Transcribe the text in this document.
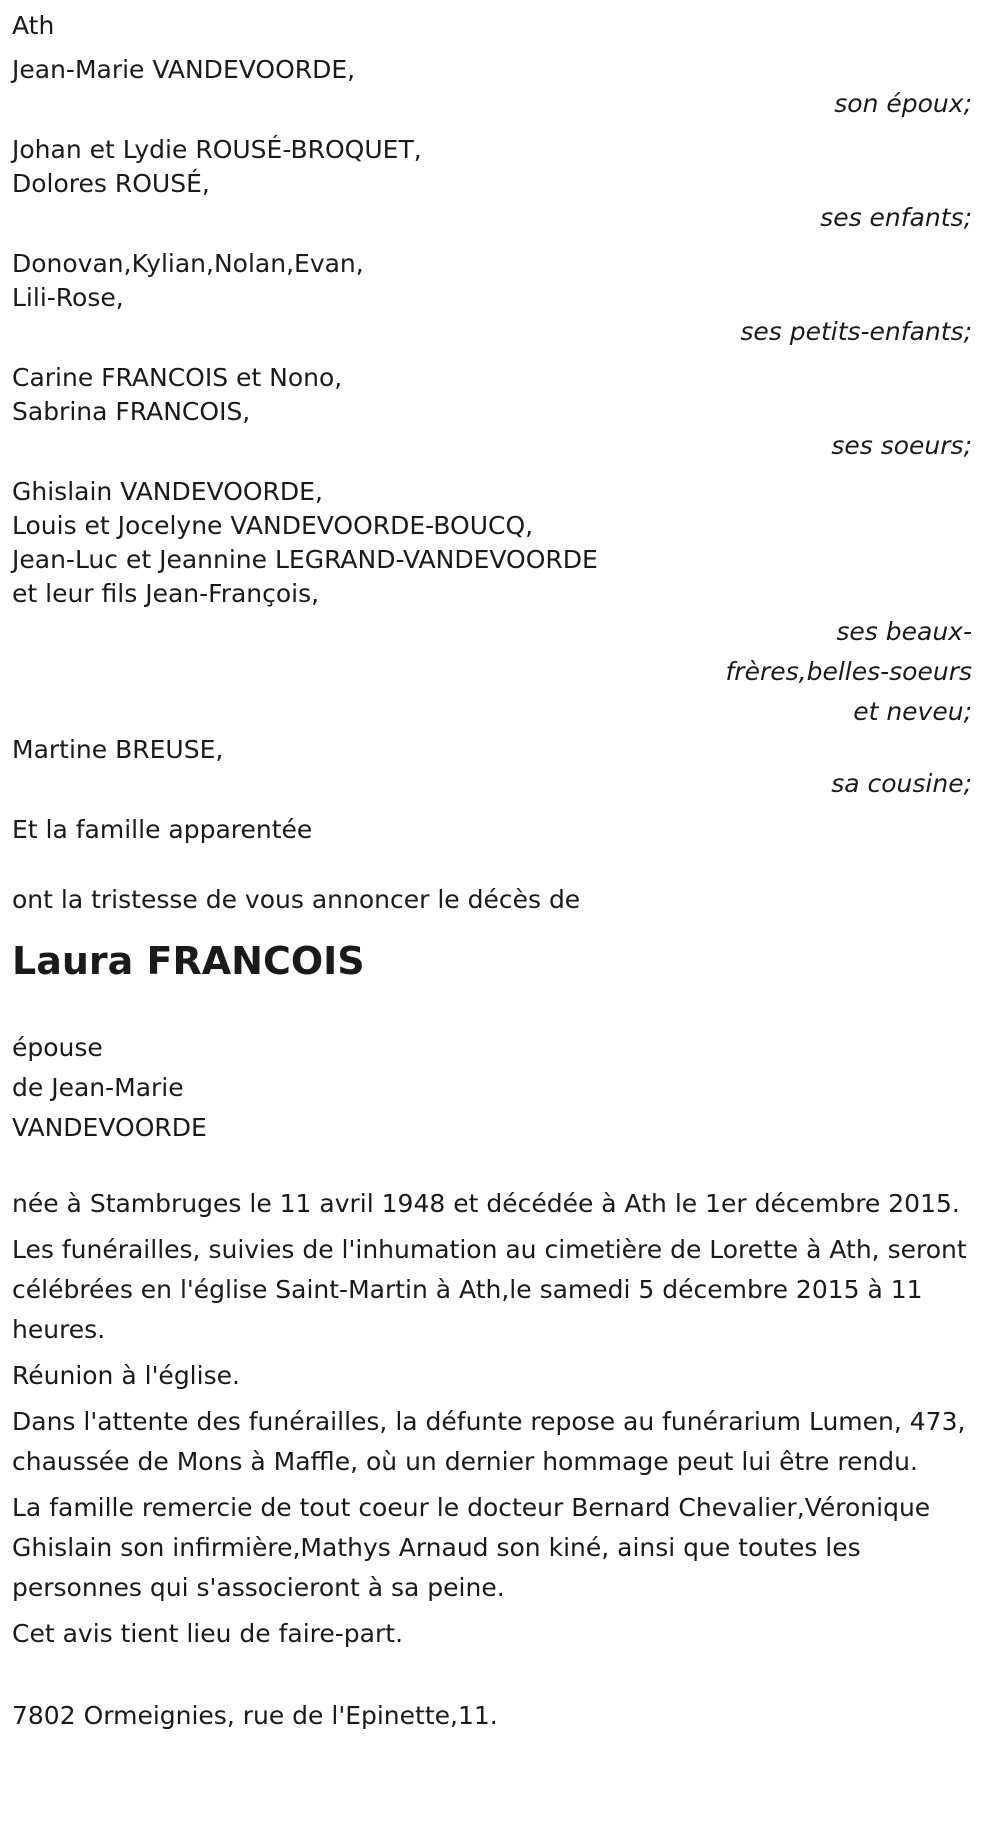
Ath
Jean-Marie VANDEVOORDE,
son époux;
Johan et Lydie ROUSÉ-BROQUET,
Dolores ROUSÉ,
ses enfants;
Donovan,Kylian,Nolan,Evan,
Lili-Rose,
ses petits-enfants;
Carine FRANCOIS et Nono,
Sabrina FRANCOIS,
ses soeurs;
Ghislain VANDEVOORDE,
Louis et Jocelyne VANDEVOORDE-BOUCQ,
Jean-Luc et Jeannine LEGRAND-VANDEVOORDE
et leur fils Jean-François,
ses beaux-
frères,belles-soeurs
et neveu;
Martine BREUSE,
sa cousine;
Et la famille apparentée
ont la tristesse de vous annoncer le décès de
Laura FRANCOIS
épouse
de Jean-Marie
VANDEVOORDE
née à Stambruges le 11 avril 1948 et décédée à Ath le 1er décembre 2015.
Les funérailles, suivies de l'inhumation au cimetière de Lorette à Ath, seront célébrées en l'église Saint-Martin à Ath,le samedi 5 décembre 2015 à 11 heures.
Réunion à l'église.
Dans l'attente des funérailles, la défunte repose au funérarium Lumen, 473, chaussée de Mons à Maffle, où un dernier hommage peut lui être rendu.
La famille remercie de tout coeur le docteur Bernard Chevalier,Véronique Ghislain son infirmière,Mathys Arnaud son kiné, ainsi que toutes les personnes qui s'associeront à sa peine.
Cet avis tient lieu de faire-part.
7802 Ormeignies, rue de l'Epinette,11.
